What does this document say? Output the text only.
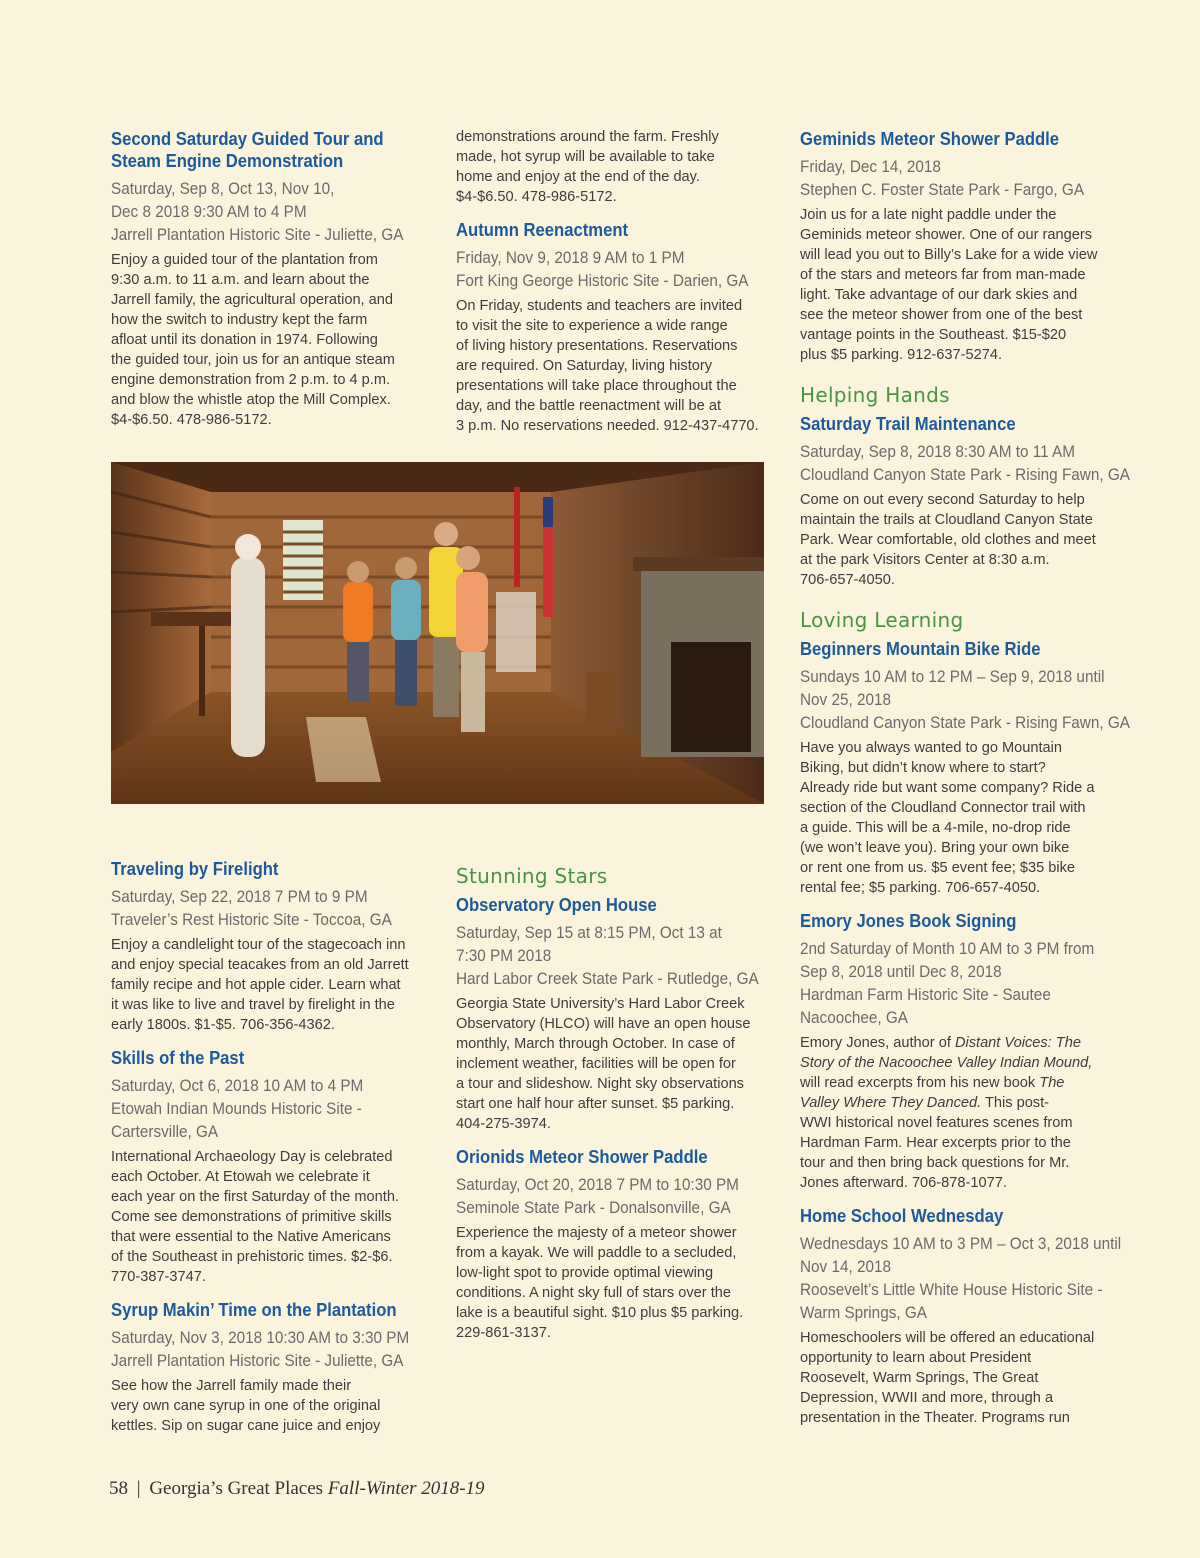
Second Saturday Guided Tour and
Steam Engine Demonstration
Saturday, Sep 8, Oct 13, Nov 10,
Dec 8 2018 9:30 AM to 4 PM
Jarrell Plantation Historic Site - Juliette, GA
Enjoy a guided tour of the plantation from
9:30 a.m. to 11 a.m. and learn about the
Jarrell family, the agricultural operation, and
how the switch to industry kept the farm
afloat until its donation in 1974. Following
the guided tour, join us for an antique steam
engine demonstration from 2 p.m. to 4 p.m.
and blow the whistle atop the Mill Complex.
$4-$6.50. 478-986-5172.
demonstrations around the farm. Freshly
made, hot syrup will be available to take
home and enjoy at the end of the day.
$4-$6.50. 478-986-5172.
Autumn Reenactment
Friday, Nov 9, 2018 9 AM to 1 PM
Fort King George Historic Site - Darien, GA
On Friday, students and teachers are invited
to visit the site to experience a wide range
of living history presentations. Reservations
are required. On Saturday, living history
presentations will take place throughout the
day, and the battle reenactment will be at
3 p.m. No reservations needed. 912-437-4770.
Traveling by Firelight
Saturday, Sep 22, 2018 7 PM to 9 PM
Traveler’s Rest Historic Site - Toccoa, GA
Enjoy a candlelight tour of the stagecoach inn
and enjoy special teacakes from an old Jarrett
family recipe and hot apple cider. Learn what
it was like to live and travel by firelight in the
early 1800s. $1-$5. 706-356-4362.
Skills of the Past
Saturday, Oct 6, 2018 10 AM to 4 PM
Etowah Indian Mounds Historic Site -
Cartersville, GA
International Archaeology Day is celebrated
each October. At Etowah we celebrate it
each year on the first Saturday of the month.
Come see demonstrations of primitive skills
that were essential to the Native Americans
of the Southeast in prehistoric times. $2-$6.
770-387-3747.
Syrup Makin’ Time on the Plantation
Saturday, Nov 3, 2018 10:30 AM to 3:30 PM
Jarrell Plantation Historic Site - Juliette, GA
See how the Jarrell family made their
very own cane syrup in one of the original
kettles. Sip on sugar cane juice and enjoy
Stunning Stars
Observatory Open House
Saturday, Sep 15 at 8:15 PM, Oct 13 at
7:30 PM 2018
Hard Labor Creek State Park - Rutledge, GA
Georgia State University’s Hard Labor Creek
Observatory (HLCO) will have an open house
monthly, March through October. In case of
inclement weather, facilities will be open for
a tour and slideshow. Night sky observations
start one half hour after sunset. $5 parking.
404-275-3974.
Orionids Meteor Shower Paddle
Saturday, Oct 20, 2018 7 PM to 10:30 PM
Seminole State Park - Donalsonville, GA
Experience the majesty of a meteor shower
from a kayak. We will paddle to a secluded,
low-light spot to provide optimal viewing
conditions. A night sky full of stars over the
lake is a beautiful sight. $10 plus $5 parking.
229-861-3137.
Geminids Meteor Shower Paddle
Friday, Dec 14, 2018
Stephen C. Foster State Park - Fargo, GA
Join us for a late night paddle under the
Geminids meteor shower. One of our rangers
will lead you out to Billy’s Lake for a wide view
of the stars and meteors far from man-made
light. Take advantage of our dark skies and
see the meteor shower from one of the best
vantage points in the Southeast. $15-$20
plus $5 parking. 912-637-5274.
Helping Hands
Saturday Trail Maintenance
Saturday, Sep 8, 2018 8:30 AM to 11 AM
Cloudland Canyon State Park - Rising Fawn, GA
Come on out every second Saturday to help
maintain the trails at Cloudland Canyon State
Park. Wear comfortable, old clothes and meet
at the park Visitors Center at 8:30 a.m.
706-657-4050.
Loving Learning
Beginners Mountain Bike Ride
Sundays 10 AM to 12 PM – Sep 9, 2018 until
Nov 25, 2018
Cloudland Canyon State Park - Rising Fawn, GA
Have you always wanted to go Mountain
Biking, but didn’t know where to start?
Already ride but want some company? Ride a
section of the Cloudland Connector trail with
a guide. This will be a 4-mile, no-drop ride
(we won’t leave you). Bring your own bike
or rent one from us. $5 event fee; $35 bike
rental fee; $5 parking. 706-657-4050.
Emory Jones Book Signing
2nd Saturday of Month 10 AM to 3 PM from
Sep 8, 2018 until Dec 8, 2018
Hardman Farm Historic Site - Sautee
Nacoochee, GA
Emory Jones, author of Distant Voices: The
Story of the Nacoochee Valley Indian Mound,
will read excerpts from his new book The
Valley Where They Danced. This post-
WWI historical novel features scenes from
Hardman Farm. Hear excerpts prior to the
tour and then bring back questions for Mr.
Jones afterward. 706-878-1077.
Home School Wednesday
Wednesdays 10 AM to 3 PM – Oct 3, 2018 until
Nov 14, 2018
Roosevelt’s Little White House Historic Site -
Warm Springs, GA
Homeschoolers will be offered an educational
opportunity to learn about President
Roosevelt, Warm Springs, The Great
Depression, WWII and more, through a
presentation in the Theater. Programs run
58 | Georgia’s Great Places Fall-Winter 2018-19
